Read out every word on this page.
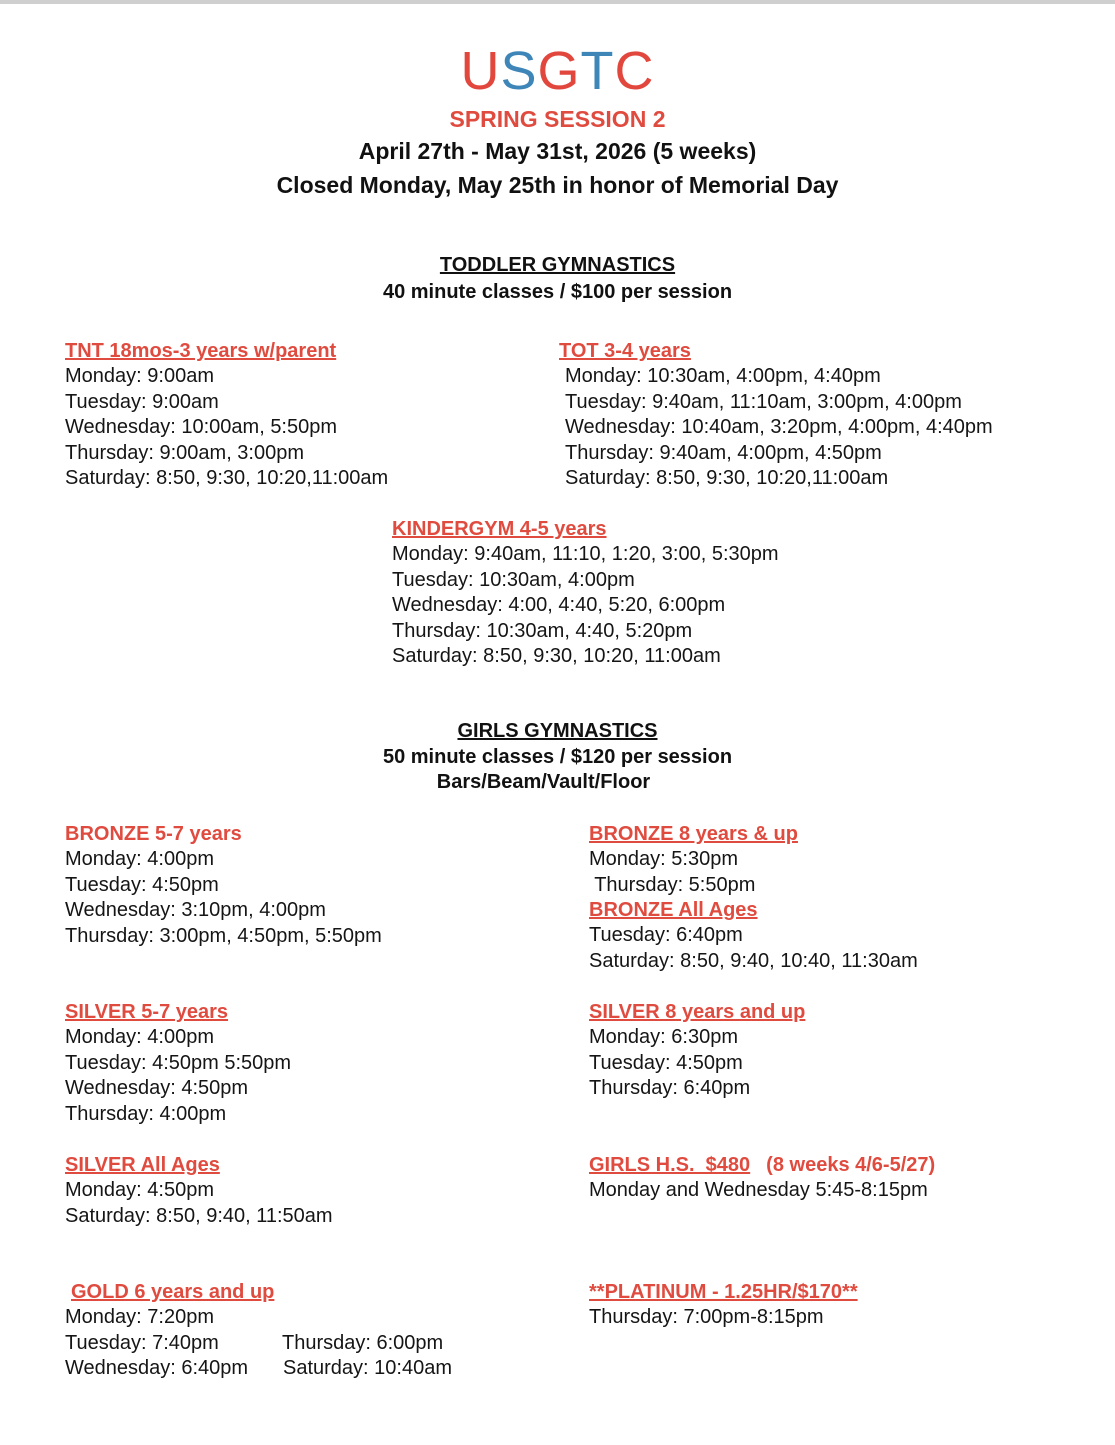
USGTC
SPRING SESSION 2
April 27th - May 31st, 2026 (5 weeks)
Closed Monday, May 25th in honor of Memorial Day
TODDLER GYMNASTICS
40 minute classes / $100 per session
TNT 18mos-3 years w/parent
Monday: 9:00am
Tuesday: 9:00am
Wednesday: 10:00am, 5:50pm
Thursday: 9:00am, 3:00pm
Saturday: 8:50, 9:30, 10:20,11:00am
TOT 3-4 years
Monday: 10:30am, 4:00pm, 4:40pm
Tuesday: 9:40am, 11:10am, 3:00pm, 4:00pm
Wednesday: 10:40am, 3:20pm, 4:00pm, 4:40pm
Thursday: 9:40am, 4:00pm, 4:50pm
Saturday: 8:50, 9:30, 10:20,11:00am
KINDERGYM 4-5 years
Monday: 9:40am, 11:10, 1:20, 3:00, 5:30pm
Tuesday: 10:30am, 4:00pm
Wednesday: 4:00, 4:40, 5:20, 6:00pm
Thursday: 10:30am, 4:40, 5:20pm
Saturday: 8:50, 9:30, 10:20, 11:00am
GIRLS GYMNASTICS
50 minute classes / $120 per session
Bars/Beam/Vault/Floor
BRONZE 5-7 years
Monday: 4:00pm
Tuesday: 4:50pm
Wednesday: 3:10pm, 4:00pm
Thursday: 3:00pm, 4:50pm, 5:50pm
BRONZE 8 years & up
Monday: 5:30pm
Thursday: 5:50pm
BRONZE All Ages
Tuesday: 6:40pm
Saturday: 8:50, 9:40, 10:40, 11:30am
SILVER 5-7 years
Monday: 4:00pm
Tuesday: 4:50pm 5:50pm
Wednesday: 4:50pm
Thursday: 4:00pm
SILVER 8 years and up
Monday: 6:30pm
Tuesday: 4:50pm
Thursday: 6:40pm
SILVER All Ages
Monday: 4:50pm
Saturday: 8:50, 9:40, 11:50am
GIRLS H.S.  $480 (8 weeks 4/6-5/27)
Monday and Wednesday 5:45-8:15pm
GOLD 6 years and up
Monday: 7:20pm
Tuesday: 7:40pm	Thursday: 6:00pm
Wednesday: 6:40pm Saturday: 10:40am
**PLATINUM - 1.25HR/$170**
Thursday: 7:00pm-8:15pm
